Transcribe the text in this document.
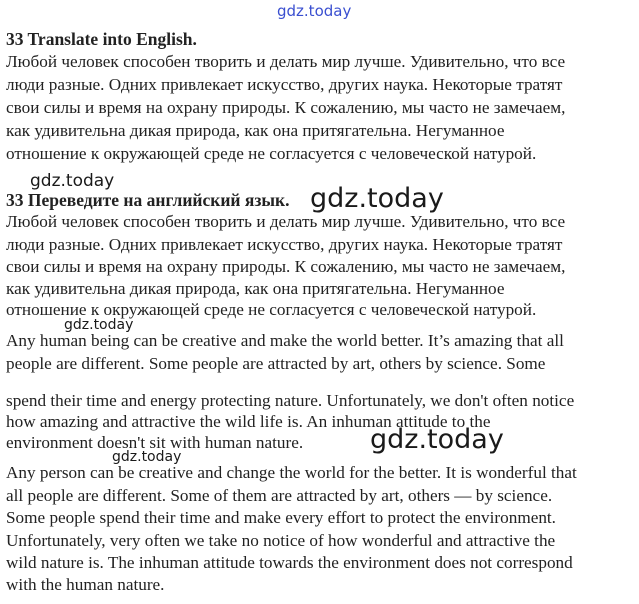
gdz.today
gdz.today
gdz.today
gdz.today
gdz.today
gdz.today
33 Translate into English.
Любой человек способен творить и делать мир лучше. Удивительно, что все
люди разные. Одних привлекает искусство, других наука. Некоторые тратят
свои силы и время на охрану природы. К сожалению, мы часто не замечаем,
как удивительна дикая природа, как она притягательна. Негуманное
отношение к окружающей среде не согласуется с человеческой натурой.
33 Переведите на английский язык.
Любой человек способен творить и делать мир лучше. Удивительно, что все
люди разные. Одних привлекает искусство, других наука. Некоторые тратят
свои силы и время на охрану природы. К сожалению, мы часто не замечаем,
как удивительна дикая природа, как она притягательна. Негуманное
отношение к окружающей среде не согласуется с человеческой натурой.
Any human being can be creative and make the world better. It’s amazing that all
people are different. Some people are attracted by art, others by science. Some
spend their time and energy protecting nature. Unfortunately, we don't often notice
how amazing and attractive the wild life is. An inhuman attitude to the
environment doesn't sit with human nature.
Any person can be creative and change the world for the better. It is wonderful that
all people are different. Some of them are attracted by art, others — by science.
Some people spend their time and make every effort to protect the environment.
Unfortunately, very often we take no notice of how wonderful and attractive the
wild nature is. The inhuman attitude towards the environment does not correspond
with the human nature.
